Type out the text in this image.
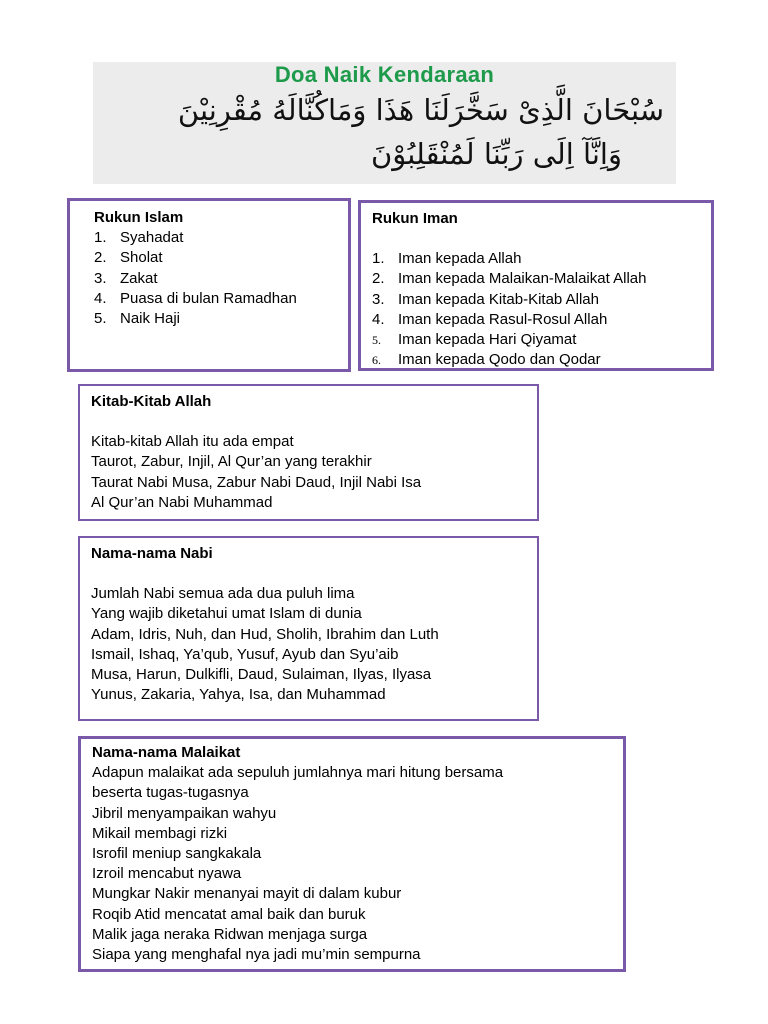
Doa Naik Kendaraan
سُبْحَانَ الَّذِىْ سَخَّرَلَنَا هَذَا وَمَاكُنَّالَهُ مُقْرِنِيْنَ
وَاِنَّآ اِلَى رَبِّنَا لَمُنْقَلِبُوْنَ

Rukun Islam

1. Syahadat
2. Sholat
3. Zakat
4. Puasa di bulan Ramadhan
5. Naik Haji

Rukun Iman

1. Iman kepada Allah
2. Iman kepada Malaikan-Malaikat Allah
3. Iman kepada Kitab-Kitab Allah
4. Iman kepada Rasul-Rosul Allah
5.	Iman kepada Hari Qiyamat
6.	Iman kepada Qodo dan Qodar

Kitab-Kitab Allah

Kitab-kitab Allah itu ada empat
Taurot, Zabur, Injil, Al Qur’an yang terakhir
Taurat Nabi Musa, Zabur Nabi Daud, Injil Nabi Isa
Al Qur’an Nabi Muhammad

Nama-nama Nabi

Jumlah Nabi semua ada dua puluh lima
Yang wajib diketahui umat Islam di dunia
Adam, Idris, Nuh, dan Hud, Sholih, Ibrahim dan Luth
Ismail, Ishaq, Ya’qub, Yusuf, Ayub dan Syu’aib
Musa, Harun, Dulkifli, Daud, Sulaiman, Ilyas, Ilyasa
Yunus, Zakaria, Yahya, Isa, dan Muhammad

Nama-nama Malaikat

Adapun malaikat ada sepuluh jumlahnya mari hitung bersama
beserta tugas-tugasnya
Jibril menyampaikan wahyu
Mikail membagi rizki
Isrofil meniup sangkakala
Izroil mencabut nyawa
Mungkar Nakir menanyai mayit di dalam kubur
Roqib Atid mencatat amal baik dan buruk
Malik jaga neraka Ridwan menjaga surga
Siapa yang menghafal nya jadi mu’min sempurna
